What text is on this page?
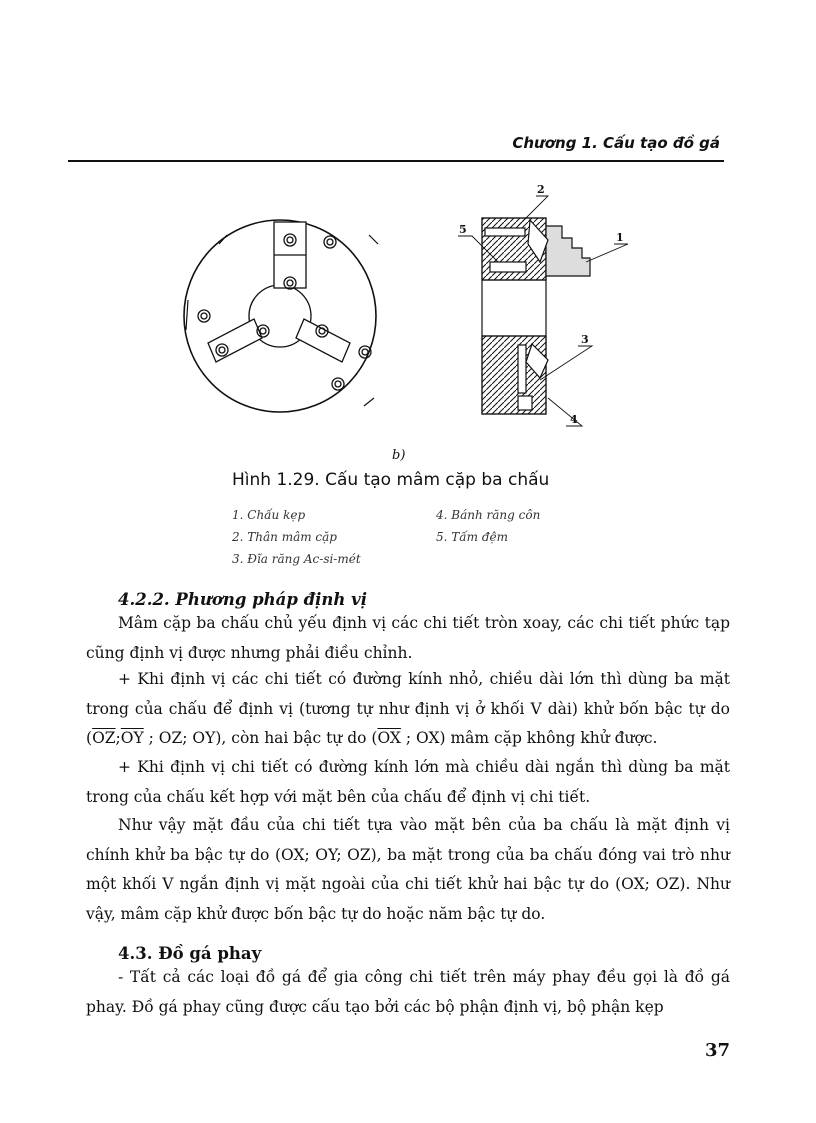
Chương 1. Cấu tạo đồ gá
2
5
1
3
4
b)
Hình 1.29. Cấu tạo mâm cặp ba chấu
1. Chấu kẹp
2. Thân mâm cặp
3. Đĩa răng Ac-si-mét
4. Bánh răng côn
5. Tấm đệm
4.2.2. Phương pháp định vị

Mâm cặp ba chấu chủ yếu định vị các chi tiết tròn xoay, các chi tiết phức tạp cũng định vị được nhưng phải điều chỉnh.

+ Khi định vị các chi tiết có đường kính nhỏ, chiều dài lớn thì dùng ba mặt trong của chấu để định vị (tương tự như định vị ở khối V dài) khử bốn bậc tự do ($\overline{OZ};\overline{OY}$ ; OZ; OY), còn hai bậc tự do ($\overline{OX}$ ; OX) mâm cặp không khử được.

+ Khi định vị chi tiết có đường kính lớn mà chiều dài ngắn thì dùng ba mặt trong của chấu kết hợp với mặt bên của chấu để định vị chi tiết.

Như vậy mặt đầu của chi tiết tựa vào mặt bên của ba chấu là mặt định vị chính khử ba bậc tự do (OX; OY; OZ), ba mặt trong của ba chấu đóng vai trò như một khối V ngắn định vị mặt ngoài của chi tiết khử hai bậc tự do (OX; OZ). Như vậy, mâm cặp khử được bốn bậc tự do hoặc năm bậc tự do.

4.3. Đồ gá phay

- Tất cả các loại đồ gá để gia công chi tiết trên máy phay đều gọi là đồ gá phay. Đồ gá phay cũng được cấu tạo bởi các bộ phận định vị, bộ phận kẹp

37
